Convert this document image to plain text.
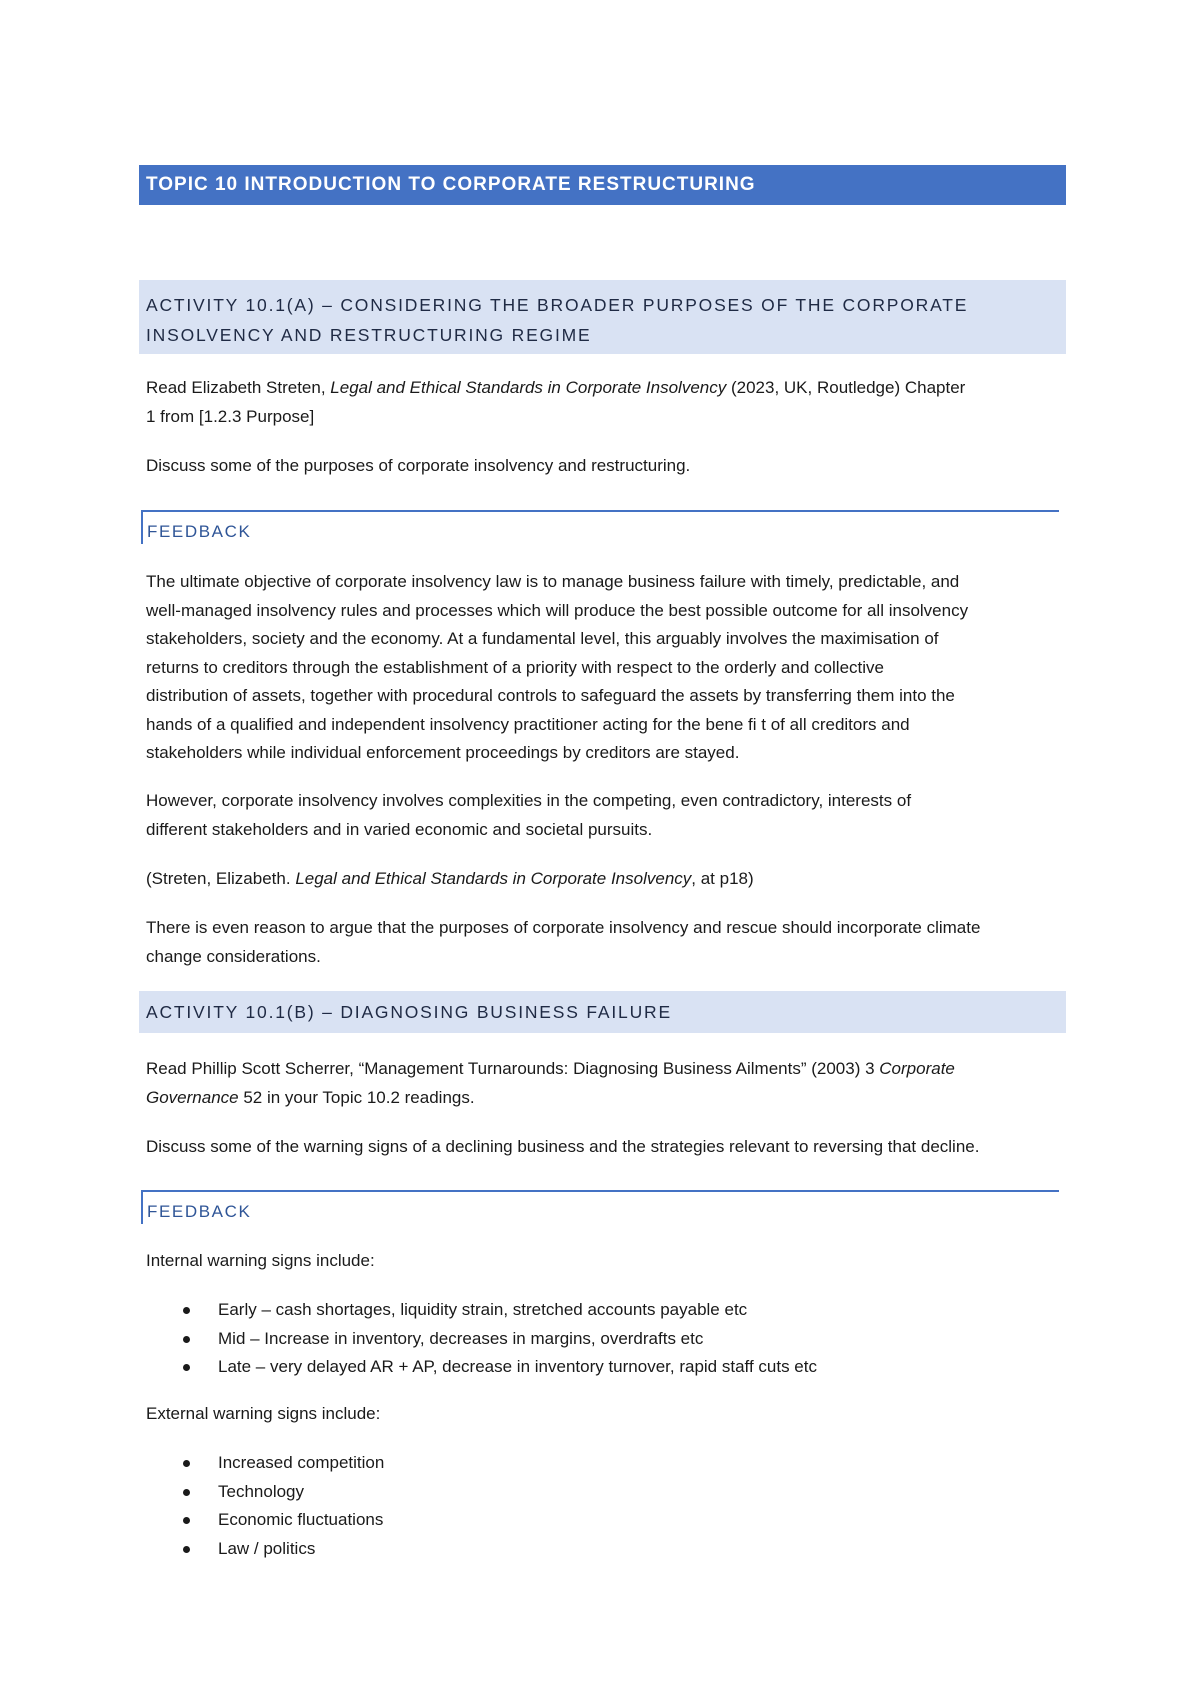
TOPIC 10 INTRODUCTION TO CORPORATE RESTRUCTURING
ACTIVITY 10.1(A) – CONSIDERING THE BROADER PURPOSES OF THE CORPORATE
INSOLVENCY AND RESTRUCTURING REGIME

Read Elizabeth Streten, Legal and Ethical Standards in Corporate Insolvency (2023, UK, Routledge) Chapter
1 from [1.2.3 Purpose]

Discuss some of the purposes of corporate insolvency and restructuring.

FEEDBACK

The ultimate objective of corporate insolvency law is to manage business failure with timely, predictable, and
well-managed insolvency rules and processes which will produce the best possible outcome for all insolvency
stakeholders, society and the economy. At a fundamental level, this arguably involves the maximisation of
returns to creditors through the establishment of a priority with respect to the orderly and collective
distribution of assets, together with procedural controls to safeguard the assets by transferring them into the
hands of a qualified and independent insolvency practitioner acting for the bene fi t of all creditors and
stakeholders while individual enforcement proceedings by creditors are stayed.

However, corporate insolvency involves complexities in the competing, even contradictory, interests of
different stakeholders and in varied economic and societal pursuits.

(Streten, Elizabeth. Legal and Ethical Standards in Corporate Insolvency, at p18)

There is even reason to argue that the purposes of corporate insolvency and rescue should incorporate climate
change considerations.

ACTIVITY 10.1(B) – DIAGNOSING BUSINESS FAILURE

Read Phillip Scott Scherrer, “Management Turnarounds: Diagnosing Business Ailments” (2003) 3 Corporate
Governance 52 in your Topic 10.2 readings.

Discuss some of the warning signs of a declining business and the strategies relevant to reversing that decline.

FEEDBACK

Internal warning signs include:

Early – cash shortages, liquidity strain, stretched accounts payable etc
Mid – Increase in inventory, decreases in margins, overdrafts etc
Late – very delayed AR + AP, decrease in inventory turnover, rapid staff cuts etc

External warning signs include:

Increased competition
Technology
Economic fluctuations
Law / politics
